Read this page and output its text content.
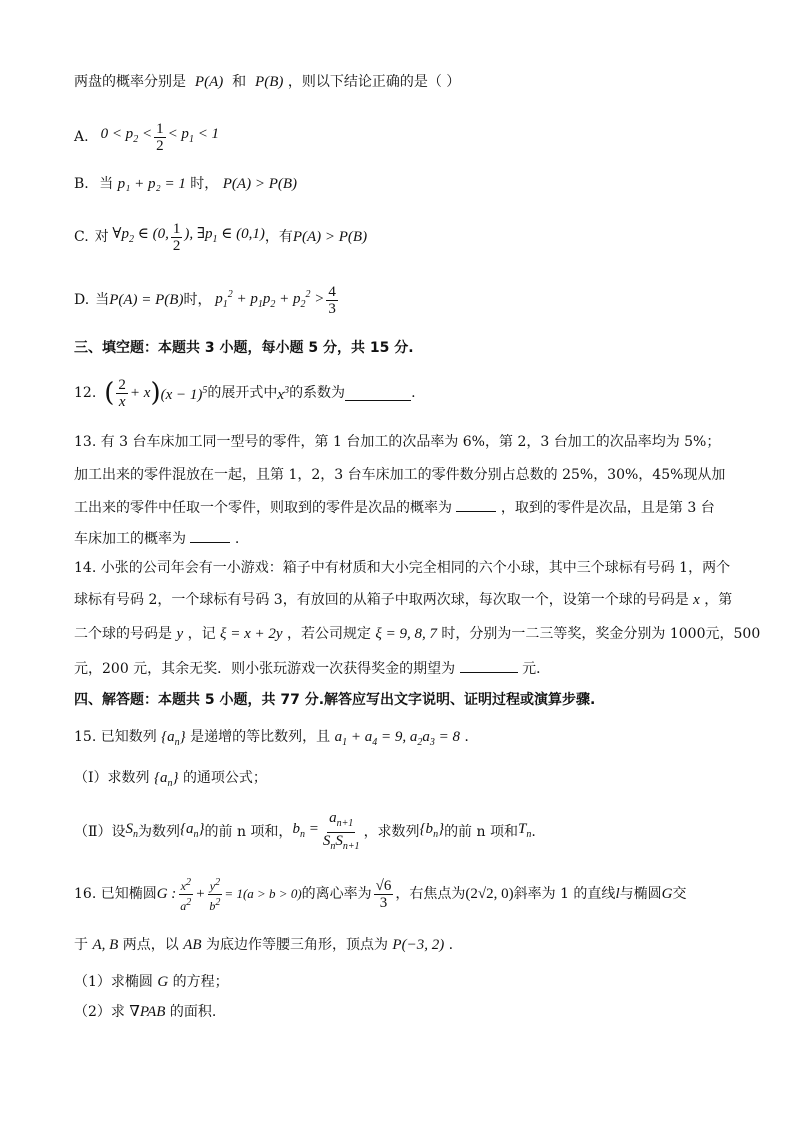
两盘的概率分别是 P(A) 和 P(B) ，则以下结论正确的是（ ）
A. $0 < p_2 < \frac{1}{2} < p_1 < 1$
B. 当 p₁ + p₂ = 1 时， P(A) > P(B)
C. 对 $\forall p_2$ ∈ (0, $\frac{1}{2}$ ), $\exists p_1$ ∈ (0,1) ，有 P(A) > P(B)
D. 当 P(A) = P(B) 时， $p_1^2 + p_1p_2 + p_2^2 > \frac{4}{3}$
三、填空题：本题共 3 小题，每小题 5 分，共 15 分.
12. ( $\frac{2}{x} + x$ ) $(x - 1)^5$ 的展开式中 $x^3$ 的系数为	.
13. 有 3 台车床加工同一型号的零件，第 1 台加工的次品率为 6%，第 2，3 台加工的次品率均为 5%；
加工出来的零件混放在一起，且第 1，2，3 台车床加工的零件数分别占总数的 25%，30%，45%现从加
工出来的零件中任取一个零件，则取到的零件是次品的概率为	，取到的零件是次品，且是第 3 台
车床加工的概率为	.
14. 小张的公司年会有一小游戏：箱子中有材质和大小完全相同的六个小球，其中三个球标有号码 1，两个
球标有号码 2，一个球标有号码 3，有放回的从箱子中取两次球，每次取一个，设第一个球的号码是 x ，第
二个球的号码是 y ，记 ξ = x + 2y ，若公司规定 ξ = 9, 8, 7 时，分别为一二三等奖，奖金分别为 1000元，500
元，200 元，其余无奖．则小张玩游戏一次获得奖金的期望为	元．
四、解答题：本题共 5 小题，共 77 分.解答应写出文字说明、证明过程或演算步骤.
15. 已知数列 $\{a_n\}$ 是递增的等比数列，且 $a_1 + a_4 = 9$, $a_2a_3 = 8$ .
（Ⅰ）求数列 $\{a_n\}$ 的通项公式；
（Ⅱ）设 $S_n$ 为数列 $\{a_n\}$ 的前 n 项和， $b_n = \frac{a_{n+1}}{S_nS_{n+1}}$ ，求数列 $\{b_n\}$ 的前 n 项和 $T_n$ .
16. 已知椭圆 G : $\frac{x^2}{a^2} + \frac{y^2}{b^2} = 1(a > b > 0)$ 的离心率为 $\frac{√6}{3}$ ，右焦点为 (2√2, 0) 斜率为 1 的直线 l 与椭圆 G 交
于 A, B 两点，以 AB 为底边作等腰三角形，顶点为 P(−3, 2) .
（1）求椭圆 G 的方程；
（2）求 ∇PAB 的面积.
